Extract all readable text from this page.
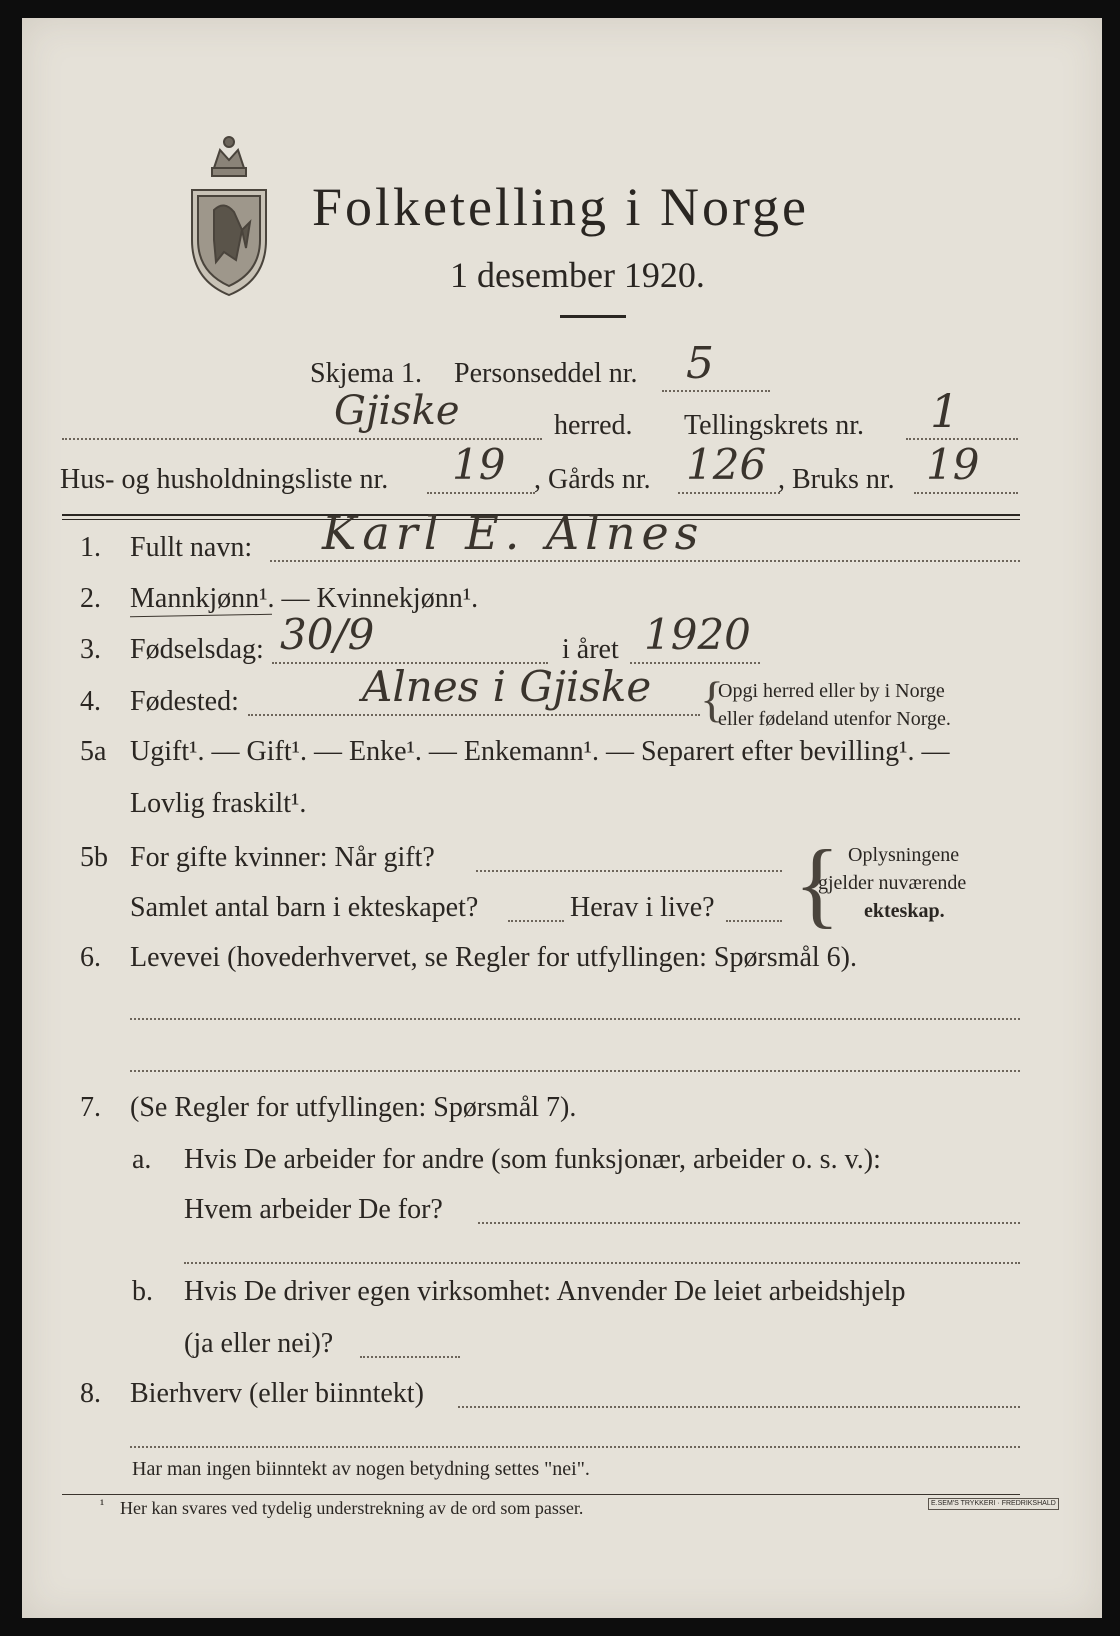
Folketelling i Norge
1 desember 1920.
Skjema 1. Personseddel nr. 5
Gjiske	herred. Tellingskrets nr. 1
Hus- og husholdningsliste nr. 19 , Gårds nr. 126 , Bruks nr. 19
1. Fullt navn: Karl E. Alnes
2. Mannkjønn¹. — Kvinnekjønn¹.
3. Fødselsdag: 30/9	i året 1920
4. Fødested:	Alnes i Gjiske {
Opgi herred eller by i Norge
eller fødeland utenfor Norge.
5a Ugift¹. — Gift¹. — Enke¹. — Enkemann¹. — Separert efter bevilling¹. —
Lovlig fraskilt¹.
5b For gifte kvinner: Når gift?
Samlet antal barn i ekteskapet?	Herav i live? { Oplysningene
gjelder nuværende
ekteskap.
6. Levevei (hovederhvervet, se Regler for utfyllingen: Spørsmål 6).
7. (Se Regler for utfyllingen: Spørsmål 7).
a. Hvis De arbeider for andre (som funksjonær, arbeider o. s. v.):
Hvem arbeider De for?
b. Hvis De driver egen virksomhet: Anvender De leiet arbeidshjelp
(ja eller nei)?
8. Bierhverv (eller biinntekt)
Har man ingen biinntekt av nogen betydning settes "nei".
¹ Her kan svares ved tydelig understrekning av de ord som passer.	E.SEM'S TRYKKERI · FREDRIKSHALD
